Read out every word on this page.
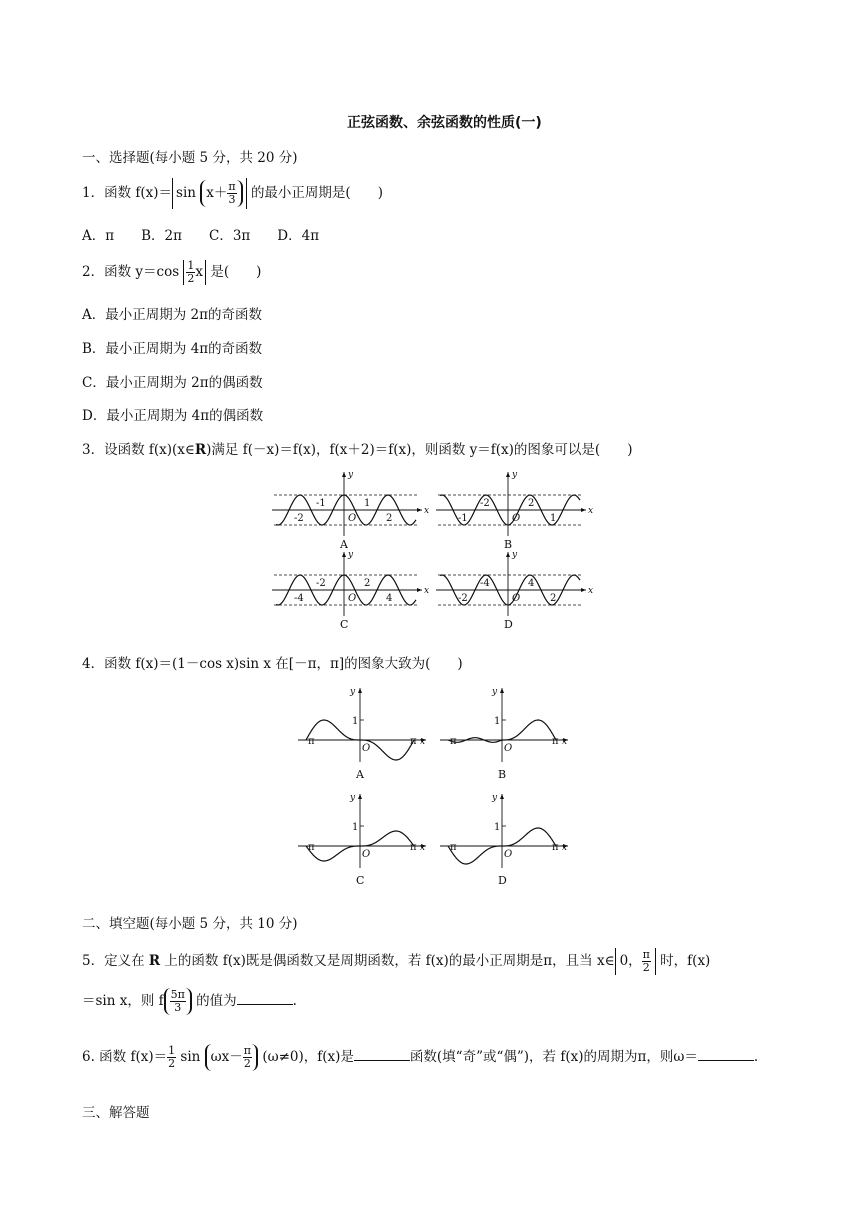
正弦函数、余弦函数的性质(一)
一、选择题(每小题 5 分，共 20 分)
1．函数 $f(x)= \sin x+ \frac{\pi}{3}$ 的最小正周期是(　　)
A．π　　B．2π　　C．3π　　D．4π
2．函数 $y=\cos \frac{1}{2}$ x 是(　　)
A．最小正周期为 2π的奇函数
B．最小正周期为 4π的奇函数
C．最小正周期为 2π的偶函数
D．最小正周期为 4π的偶函数
3．设函数 f(x)(x∈R)满足 f(－x)＝f(x)，f(x＋2)＝f(x)，则函数 y＝f(x)的图象可以是(　　)
x
y
O
-1	1
-2	2
A
x
y
O
-2	2
-1	1
B
x
y
O
-2	2
-4	4
C
x
y
O
-4	4
-2	2
D
4．函数 f(x)＝(1－cos x)sin x 在[－π，π]的图象大致为(　　)
y
x
O
1
－π	π
A
y
x
O
1
－π	π
B
y
x
O
1
－π	π
C
y
x
O
1
－π	π
D
二、填空题(每小题 5 分，共 10 分)
5．定义在 R 上的函数 f(x)既是偶函数又是周期函数，若 f(x)的最小正周期是π，且当 x∈ 0， $\frac{\pi}{2}$ 时，f(x)
＝sin x，则 f $\frac{5\pi}{3}$ 的值为	.
6. 函数 $f(x)= \frac{1}{2}$ $\sin \omega x- \frac{\pi}{2} (\omega\ne 0)$，f(x)是	函数(填“奇”或“偶”)，若 f(x)的周期为π，则ω＝	.
三、解答题
